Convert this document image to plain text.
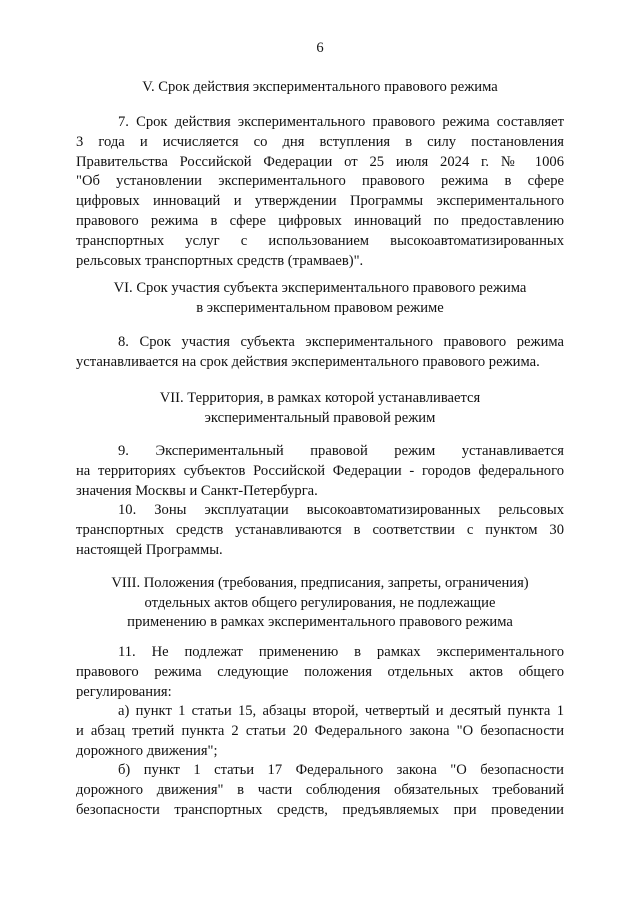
6
V. Срок действия экспериментального правового режима
7. Срок действия экспериментального правового режима составляет
3 года и исчисляется со дня вступления в силу постановления
Правительства Российской Федерации от 25 июля 2024 г. № 1006
"Об установлении экспериментального правового режима в сфере
цифровых инноваций и утверждении Программы экспериментального
правового режима в сфере цифровых инноваций по предоставлению
транспортных услуг с использованием высокоавтоматизированных
рельсовых транспортных средств (трамваев)".
VI. Срок участия субъекта экспериментального правового режима
в экспериментальном правовом режиме
8. Срок участия субъекта экспериментального правового режима
устанавливается на срок действия экспериментального правового режима.
VII. Территория, в рамках которой устанавливается
экспериментальный правовой режим
9. Экспериментальный правовой режим устанавливается
на территориях субъектов Российской Федерации - городов федерального
значения Москвы и Санкт-Петербурга.
10. Зоны эксплуатации высокоавтоматизированных рельсовых
транспортных средств устанавливаются в соответствии с пунктом 30
настоящей Программы.
VIII. Положения (требования, предписания, запреты, ограничения)
отдельных актов общего регулирования, не подлежащие
применению в рамках экспериментального правового режима
11. Не подлежат применению в рамках экспериментального
правового режима следующие положения отдельных актов общего
регулирования:
а) пункт 1 статьи 15, абзацы второй, четвертый и десятый пункта 1
и абзац третий пункта 2 статьи 20 Федерального закона "О безопасности
дорожного движения";
б) пункт 1 статьи 17 Федерального закона "О безопасности
дорожного движения" в части соблюдения обязательных требований
безопасности транспортных средств, предъявляемых при проведении
